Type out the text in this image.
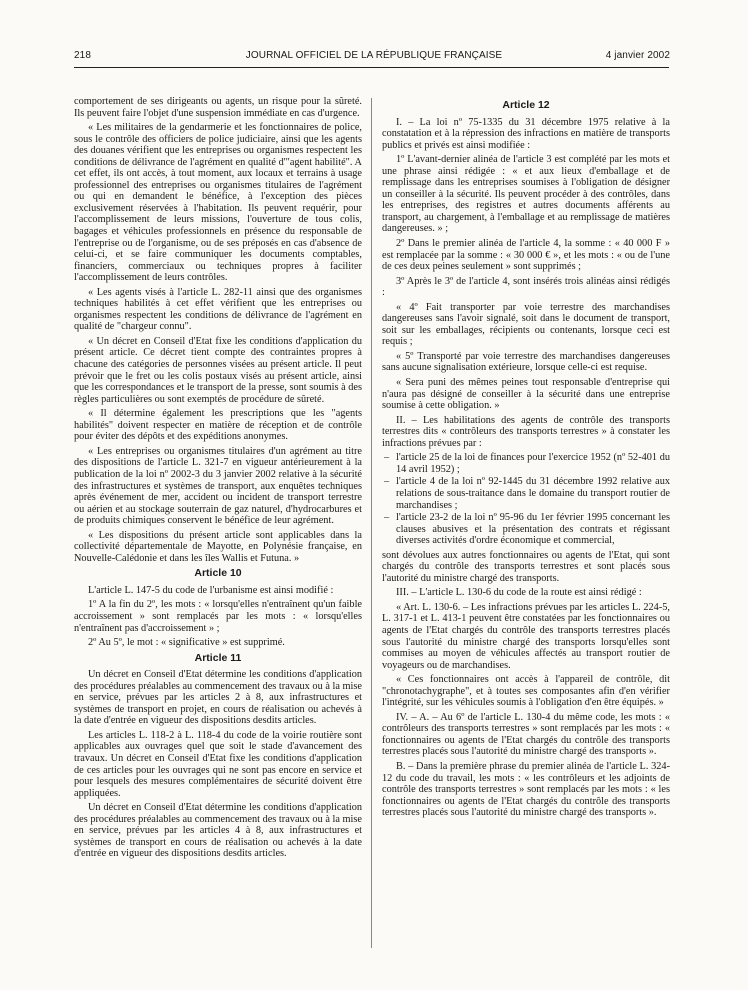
218	JOURNAL OFFICIEL DE LA RÉPUBLIQUE FRANÇAISE	4 janvier 2002

comportement de ses dirigeants ou agents, un risque pour la sûreté. Ils peuvent faire l'objet d'une suspension immédiate en cas d'urgence.

« Les militaires de la gendarmerie et les fonctionnaires de police, sous le contrôle des officiers de police judiciaire, ainsi que les agents des douanes vérifient que les entreprises ou organismes respectent les conditions de délivrance de l'agrément en qualité d'"agent habilité". A cet effet, ils ont accès, à tout moment, aux locaux et terrains à usage professionnel des entreprises ou organismes titulaires de l'agrément ou qui en demandent le bénéfice, à l'exception des pièces exclusivement réservées à l'habitation. Ils peuvent requérir, pour l'accomplissement de leurs missions, l'ouverture de tous colis, bagages et véhicules professionnels en présence du responsable de l'entreprise ou de l'organisme, ou de ses préposés en cas d'absence de celui-ci, et se faire communiquer les documents comptables, financiers, commerciaux ou techniques propres à faciliter l'accomplissement de leurs contrôles.

« Les agents visés à l'article L. 282-11 ainsi que des organismes techniques habilités à cet effet vérifient que les entreprises ou organismes respectent les conditions de délivrance de l'agrément en qualité de "chargeur connu".

« Un décret en Conseil d'Etat fixe les conditions d'application du présent article. Ce décret tient compte des contraintes propres à chacune des catégories de personnes visées au présent article. Il peut prévoir que le fret ou les colis postaux visés au présent article, ainsi que les correspondances et le transport de la presse, sont soumis à des règles particulières ou sont exemptés de procédure de sûreté.

« Il détermine également les prescriptions que les "agents habilités" doivent respecter en matière de réception et de contrôle pour éviter des dépôts et des expéditions anonymes.

« Les entreprises ou organismes titulaires d'un agrément au titre des dispositions de l'article L. 321-7 en vigueur antérieurement à la publication de la loi nº 2002-3 du 3 janvier 2002 relative à la sécurité des infrastructures et systèmes de transport, aux enquêtes techniques après événement de mer, accident ou incident de transport terrestre ou aérien et au stockage souterrain de gaz naturel, d'hydrocarbures et de produits chimiques conservent le bénéfice de leur agrément.

« Les dispositions du présent article sont applicables dans la collectivité départementale de Mayotte, en Polynésie française, en Nouvelle-Calédonie et dans les îles Wallis et Futuna. »

Article 10

L'article L. 147-5 du code de l'urbanisme est ainsi modifié :

1º A la fin du 2º, les mots : « lorsqu'elles n'entraînent qu'un faible accroissement » sont remplacés par les mots : « lorsqu'elles n'entraînent pas d'accroissement » ;

2º Au 5º, le mot : « significative » est supprimé.

Article 11

Un décret en Conseil d'Etat détermine les conditions d'application des procédures préalables au commencement des travaux ou à la mise en service, prévues par les articles 2 à 8, aux infrastructures et systèmes de transport en projet, en cours de réalisation ou achevés à la date d'entrée en vigueur des dispositions desdits articles.

Les articles L. 118-2 à L. 118-4 du code de la voirie routière sont applicables aux ouvrages quel que soit le stade d'avancement des travaux. Un décret en Conseil d'Etat fixe les conditions d'application de ces articles pour les ouvrages qui ne sont pas encore en service et pour lesquels des mesures complémentaires de sécurité doivent être appliquées.

Un décret en Conseil d'Etat détermine les conditions d'application des procédures préalables au commencement des travaux ou à la mise en service, prévues par les articles 4 à 8, aux infrastructures et systèmes de transport en cours de réalisation ou achevés à la date d'entrée en vigueur des dispositions desdits articles.

Article 12

I. – La loi nº 75-1335 du 31 décembre 1975 relative à la constatation et à la répression des infractions en matière de transports publics et privés est ainsi modifiée :

1º L'avant-dernier alinéa de l'article 3 est complété par les mots et une phrase ainsi rédigée : « et aux lieux d'emballage et de remplissage dans les entreprises soumises à l'obligation de désigner un conseiller à la sécurité. Ils peuvent procéder à des contrôles, dans les entreprises, des registres et autres documents afférents au transport, au chargement, à l'emballage et au remplissage de matières dangereuses. » ;

2º Dans le premier alinéa de l'article 4, la somme : « 40 000 F » est remplacée par la somme : « 30 000 € », et les mots : « ou de l'une de ces deux peines seulement » sont supprimés ;

3º Après le 3º de l'article 4, sont insérés trois alinéas ainsi rédigés :

« 4º Fait transporter par voie terrestre des marchandises dangereuses sans l'avoir signalé, soit dans le document de transport, soit sur les emballages, récipients ou contenants, lorsque ceci est requis ;

« 5º Transporté par voie terrestre des marchandises dangereuses sans aucune signalisation extérieure, lorsque celle-ci est requise.

« Sera puni des mêmes peines tout responsable d'entreprise qui n'aura pas désigné de conseiller à la sécurité dans une entreprise soumise à cette obligation. »

II. – Les habilitations des agents de contrôle des transports terrestres dits « contrôleurs des transports terrestres » à constater les infractions prévues par :

– l'article 25 de la loi de finances pour l'exercice 1952 (nº 52-401 du 14 avril 1952) ;
– l'article 4 de la loi nº 92-1445 du 31 décembre 1992 relative aux relations de sous-traitance dans le domaine du transport routier de marchandises ;
– l'article 23-2 de la loi nº 95-96 du 1er février 1995 concernant les clauses abusives et la présentation des contrats et régissant diverses activités d'ordre économique et commercial,

sont dévolues aux autres fonctionnaires ou agents de l'Etat, qui sont chargés du contrôle des transports terrestres et sont placés sous l'autorité du ministre chargé des transports.

III. – L'article L. 130-6 du code de la route est ainsi rédigé :

« Art. L. 130-6. – Les infractions prévues par les articles L. 224-5, L. 317-1 et L. 413-1 peuvent être constatées par les fonctionnaires ou agents de l'Etat chargés du contrôle des transports terrestres placés sous l'autorité du ministre chargé des transports lorsqu'elles sont commises au moyen de véhicules affectés au transport routier de voyageurs ou de marchandises.

« Ces fonctionnaires ont accès à l'appareil de contrôle, dit "chronotachygraphe", et à toutes ses composantes afin d'en vérifier l'intégrité, sur les véhicules soumis à l'obligation d'en être équipés. »

IV. – A. – Au 6º de l'article L. 130-4 du même code, les mots : « contrôleurs des transports terrestres » sont remplacés par les mots : « fonctionnaires ou agents de l'Etat chargés du contrôle des transports terrestres placés sous l'autorité du ministre chargé des transports ».

B. – Dans la première phrase du premier alinéa de l'article L. 324-12 du code du travail, les mots : « les contrôleurs et les adjoints de contrôle des transports terrestres » sont remplacés par les mots : « les fonctionnaires ou agents de l'Etat chargés du contrôle des transports terrestres placés sous l'autorité du ministre chargé des transports ».
